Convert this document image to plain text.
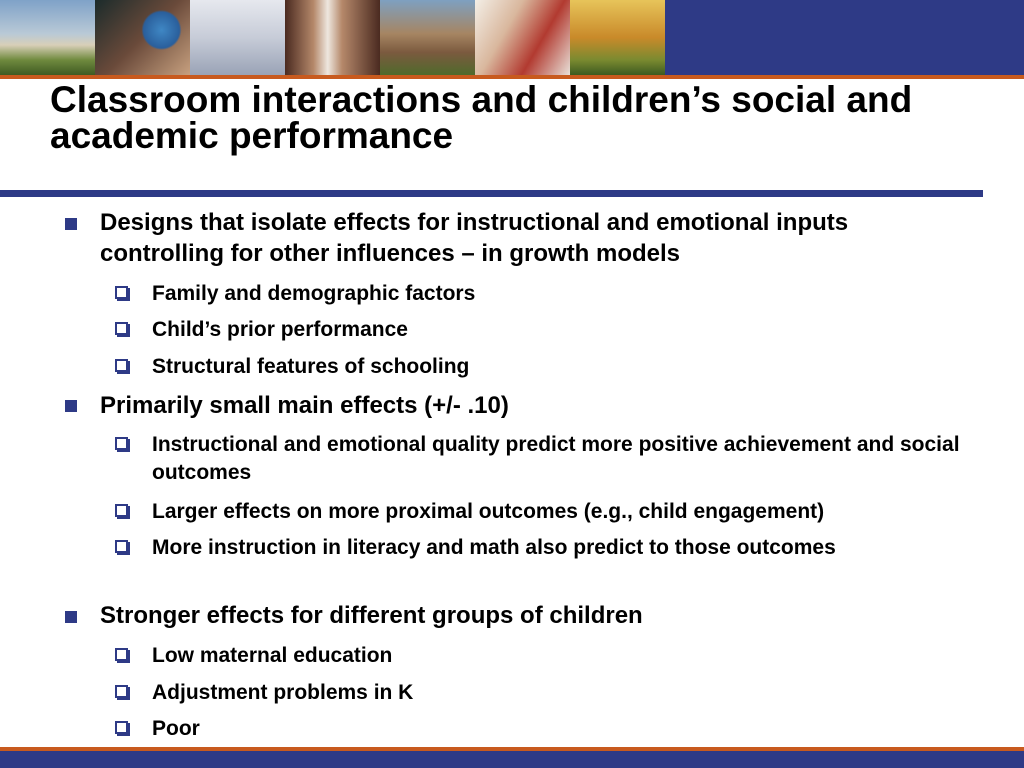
Classroom interactions and children’s social and academic performance
Designs that isolate effects for instructional and emotional inputs controlling for other influences – in growth models
Family and demographic factors
Child’s prior performance
Structural features of schooling
Primarily small main effects (+/- .10)
Instructional and emotional quality predict more positive achievement and social outcomes
Larger effects on more proximal outcomes (e.g., child engagement)
More instruction in literacy and math also predict to those outcomes
Stronger effects for different groups of children
Low maternal education
Adjustment problems in K
Poor
